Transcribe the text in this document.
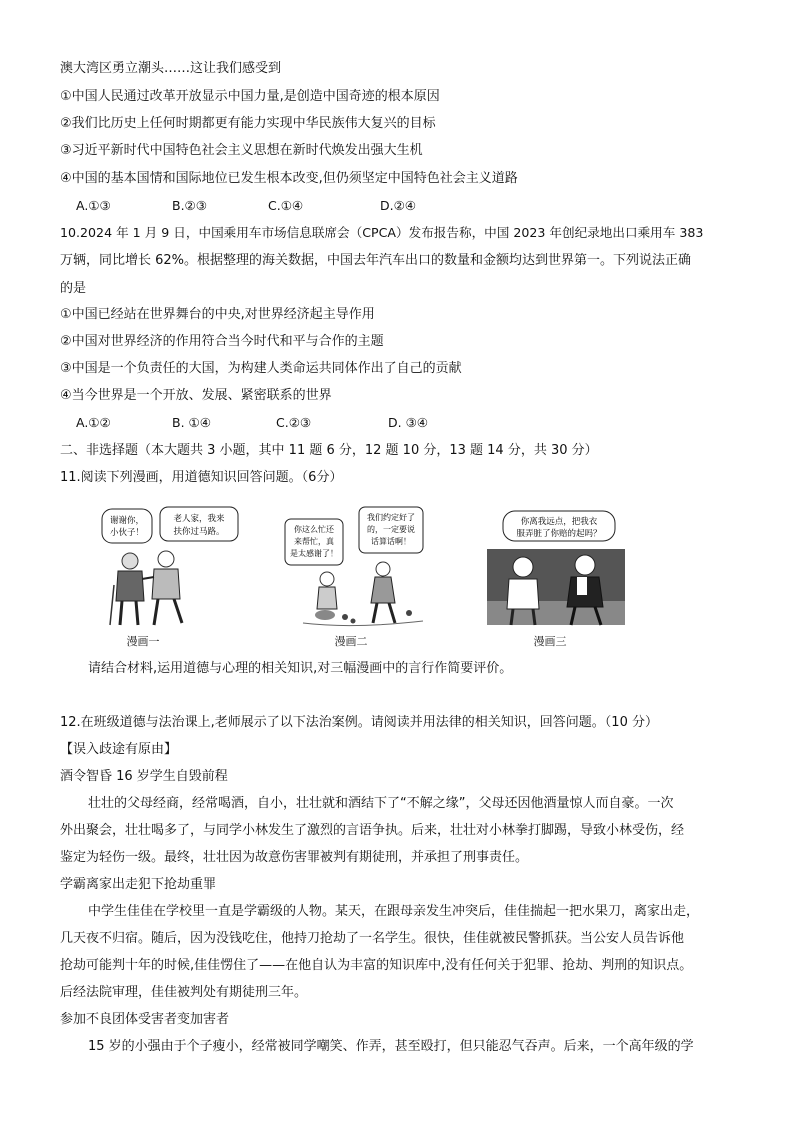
澳大湾区勇立潮头……这让我们感受到
①中国人民通过改革开放显示中国力量,是创造中国奇迹的根本原因
②我们比历史上任何时期都更有能力实现中华民族伟大复兴的目标
③习近平新时代中国特色社会主义思想在新时代焕发出强大生机
④中国的基本国情和国际地位已发生根本改变,但仍须坚定中国特色社会主义道路
A.①③	B.②③	C.①④	D.②④
10.2024 年 1 月 9 日，中国乘用车市场信息联席会（CPCA）发布报告称，中国 2023 年创纪录地出口乘用车 383
万辆，同比增长 62%。根据整理的海关数据，中国去年汽车出口的数量和金额均达到世界第一。下列说法正确
的是
①中国已经站在世界舞台的中央,对世界经济起主导作用
②中国对世界经济的作用符合当今时代和平与合作的主题
③中国是一个负责任的大国，为构建人类命运共同体作出了自己的贡献
④当今世界是一个开放、发展、紧密联系的世界
A.①②	B. ①④	C.②③	D. ③④
二、非选择题（本大题共 3 小题，其中 11 题 6 分，12 题 10 分，13 题 14 分，共 30 分）
11.阅读下列漫画，用道德知识回答问题。（6分）
谢谢你，
小伙子！
老人家，我来
扶你过马路。
漫画一
你这么忙还
来帮忙，真
是太感谢了！
我们约定好了
的，一定要说
话算话啊！
漫画二
你离我远点，把我衣
服弄脏了你赔的起吗？
漫画三
请结合材料,运用道德与心理的相关知识,对三幅漫画中的言行作简要评价。
12.在班级道德与法治课上,老师展示了以下法治案例。请阅读并用法律的相关知识，回答问题。（10 分）
【误入歧途有原由】
酒令智昏 16 岁学生自毁前程
壮壮的父母经商，经常喝酒，自小，壮壮就和酒结下了“不解之缘”，父母还因他酒量惊人而自豪。一次
外出聚会，壮壮喝多了，与同学小林发生了激烈的言语争执。后来，壮壮对小林拳打脚踢，导致小林受伤，经
鉴定为轻伤一级。最终，壮壮因为故意伤害罪被判有期徒刑，并承担了刑事责任。
学霸离家出走犯下抢劫重罪
中学生佳佳在学校里一直是学霸级的人物。某天，在跟母亲发生冲突后，佳佳揣起一把水果刀，离家出走，
几天夜不归宿。随后，因为没钱吃住，他持刀抢劫了一名学生。很快，佳佳就被民警抓获。当公安人员告诉他
抢劫可能判十年的时候,佳佳愣住了——在他自认为丰富的知识库中,没有任何关于犯罪、抢劫、判刑的知识点。
后经法院审理，佳佳被判处有期徒刑三年。
参加不良团体受害者变加害者
15 岁的小强由于个子瘦小，经常被同学嘲笑、作弄，甚至殴打，但只能忍气吞声。后来，一个高年级的学
